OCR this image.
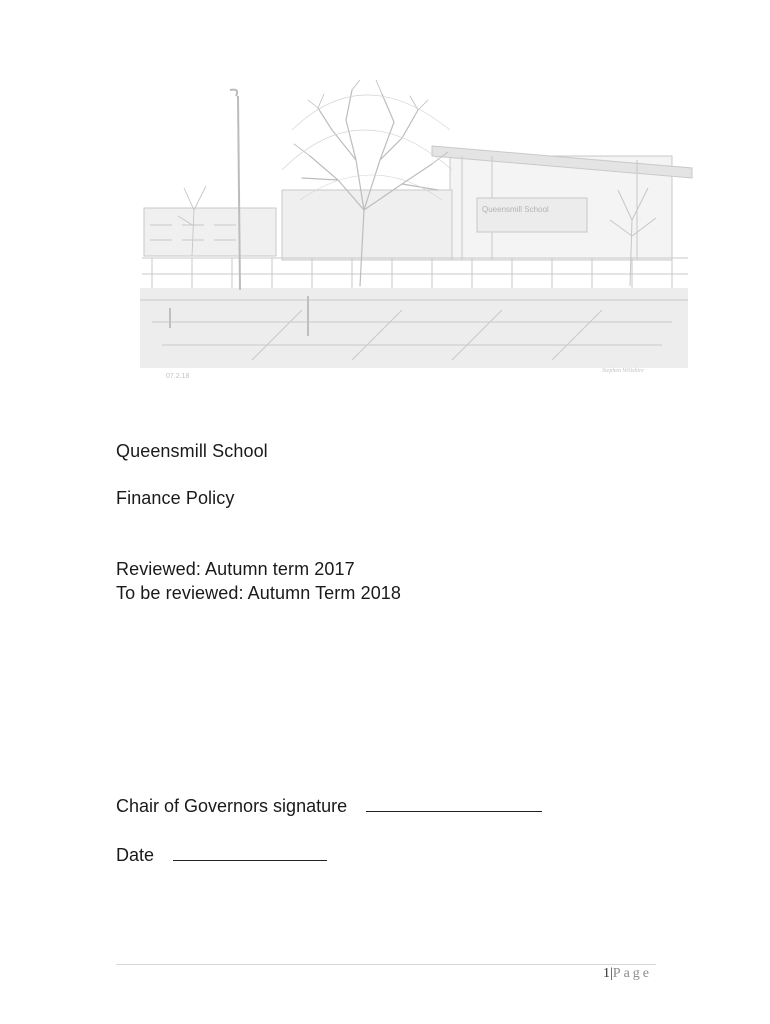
Queensmill School
07.2.18
Stephen Wiltshire
Queensmill School
Finance Policy
Reviewed: Autumn term 2017
To be reviewed: Autumn Term 2018
Chair of Governors signature
Date
1|Page
